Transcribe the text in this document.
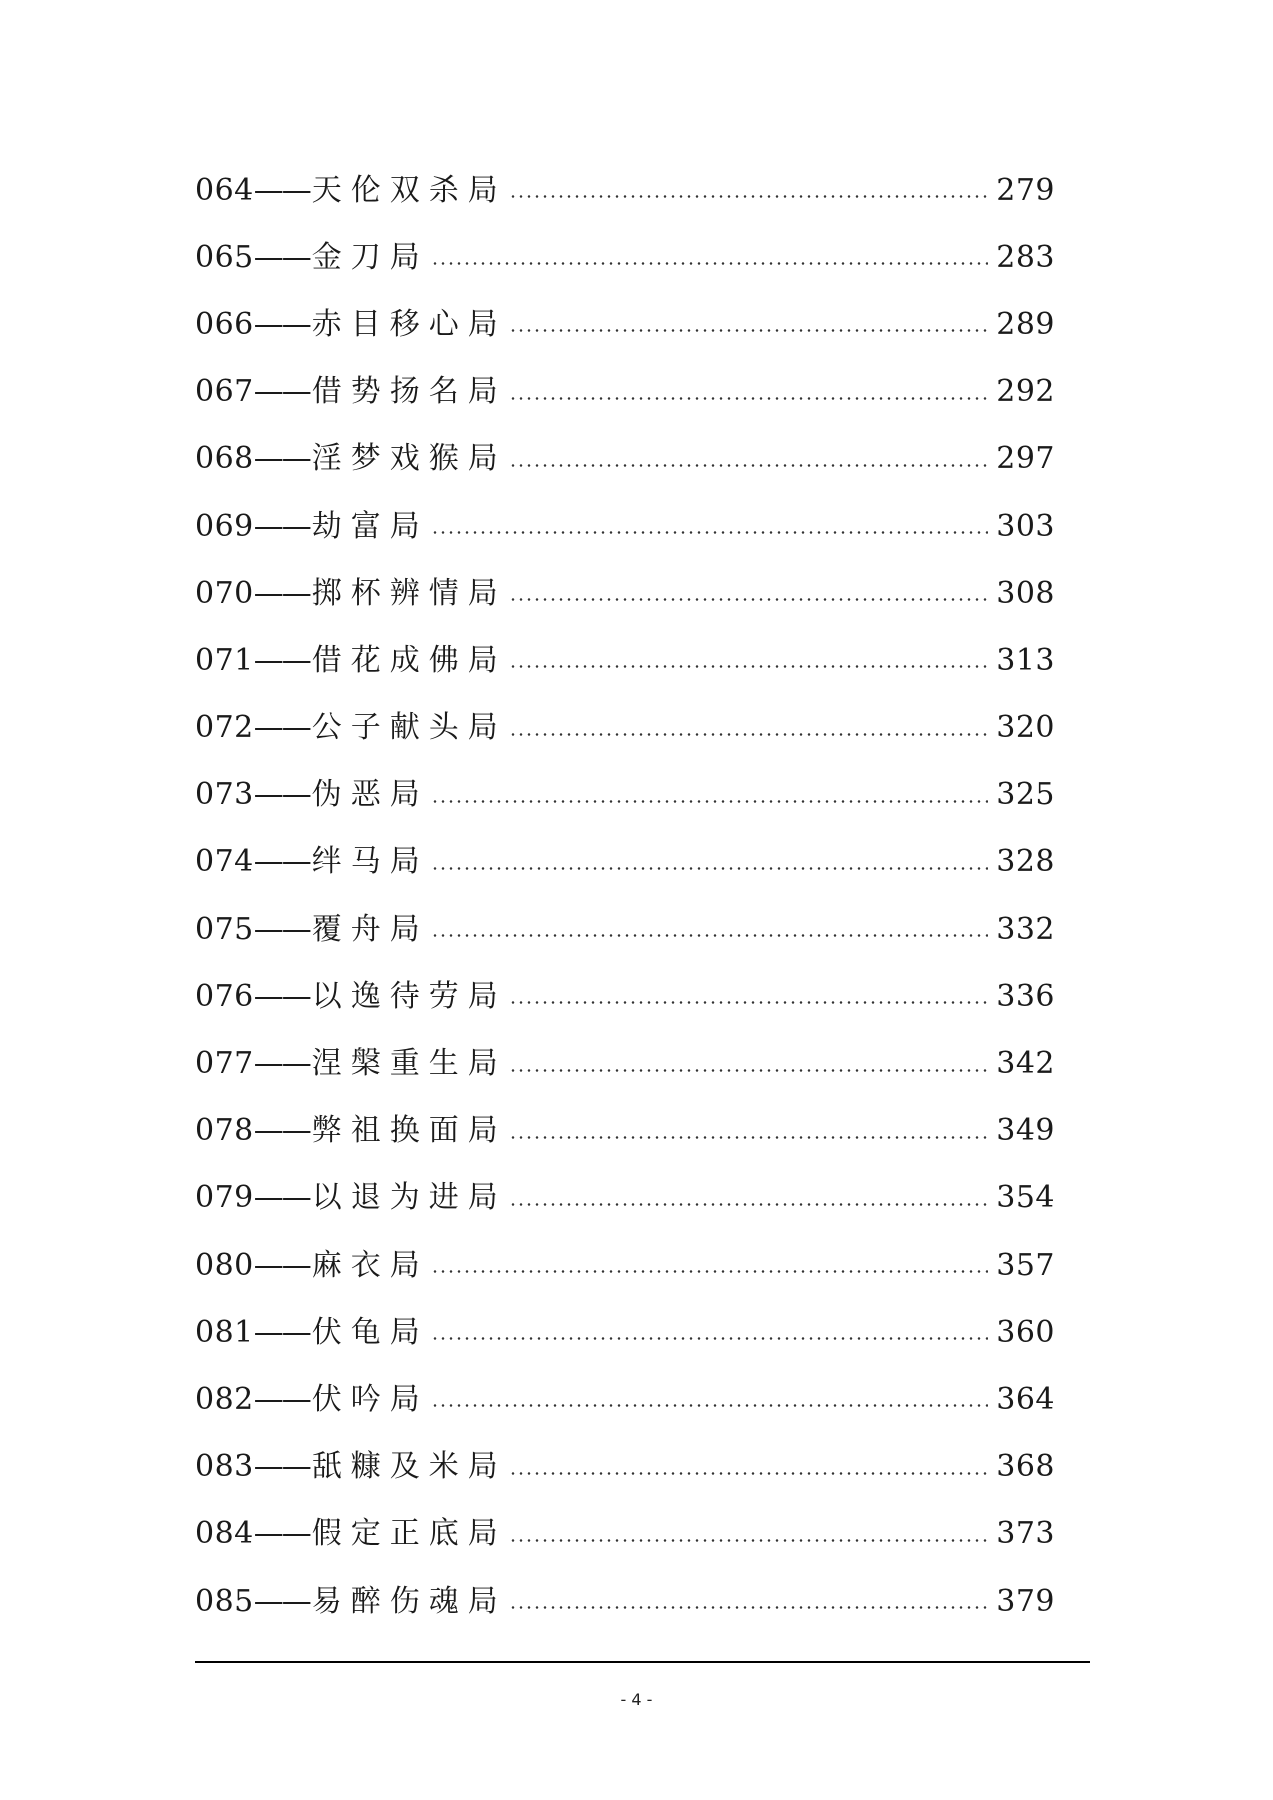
064 —— 天伦双杀局	279
065 —— 金刀局	283
066 —— 赤目移心局	289
067 —— 借势扬名局	292
068 —— 淫梦戏猴局	297
069 —— 劫富局	303
070 —— 掷杯辨情局	308
071 —— 借花成佛局	313
072 —— 公子献头局	320
073 —— 伪恶局	325
074 —— 绊马局	328
075 —— 覆舟局	332
076 —— 以逸待劳局	336
077 —— 涅槃重生局	342
078 —— 弊祖换面局	349
079 —— 以退为进局	354
080 —— 麻衣局	357
081 —— 伏龟局	360
082 —— 伏吟局	364
083 —— 舐糠及米局	368
084 —— 假定正底局	373
085 —— 易醉伤魂局	379
- 4 -
